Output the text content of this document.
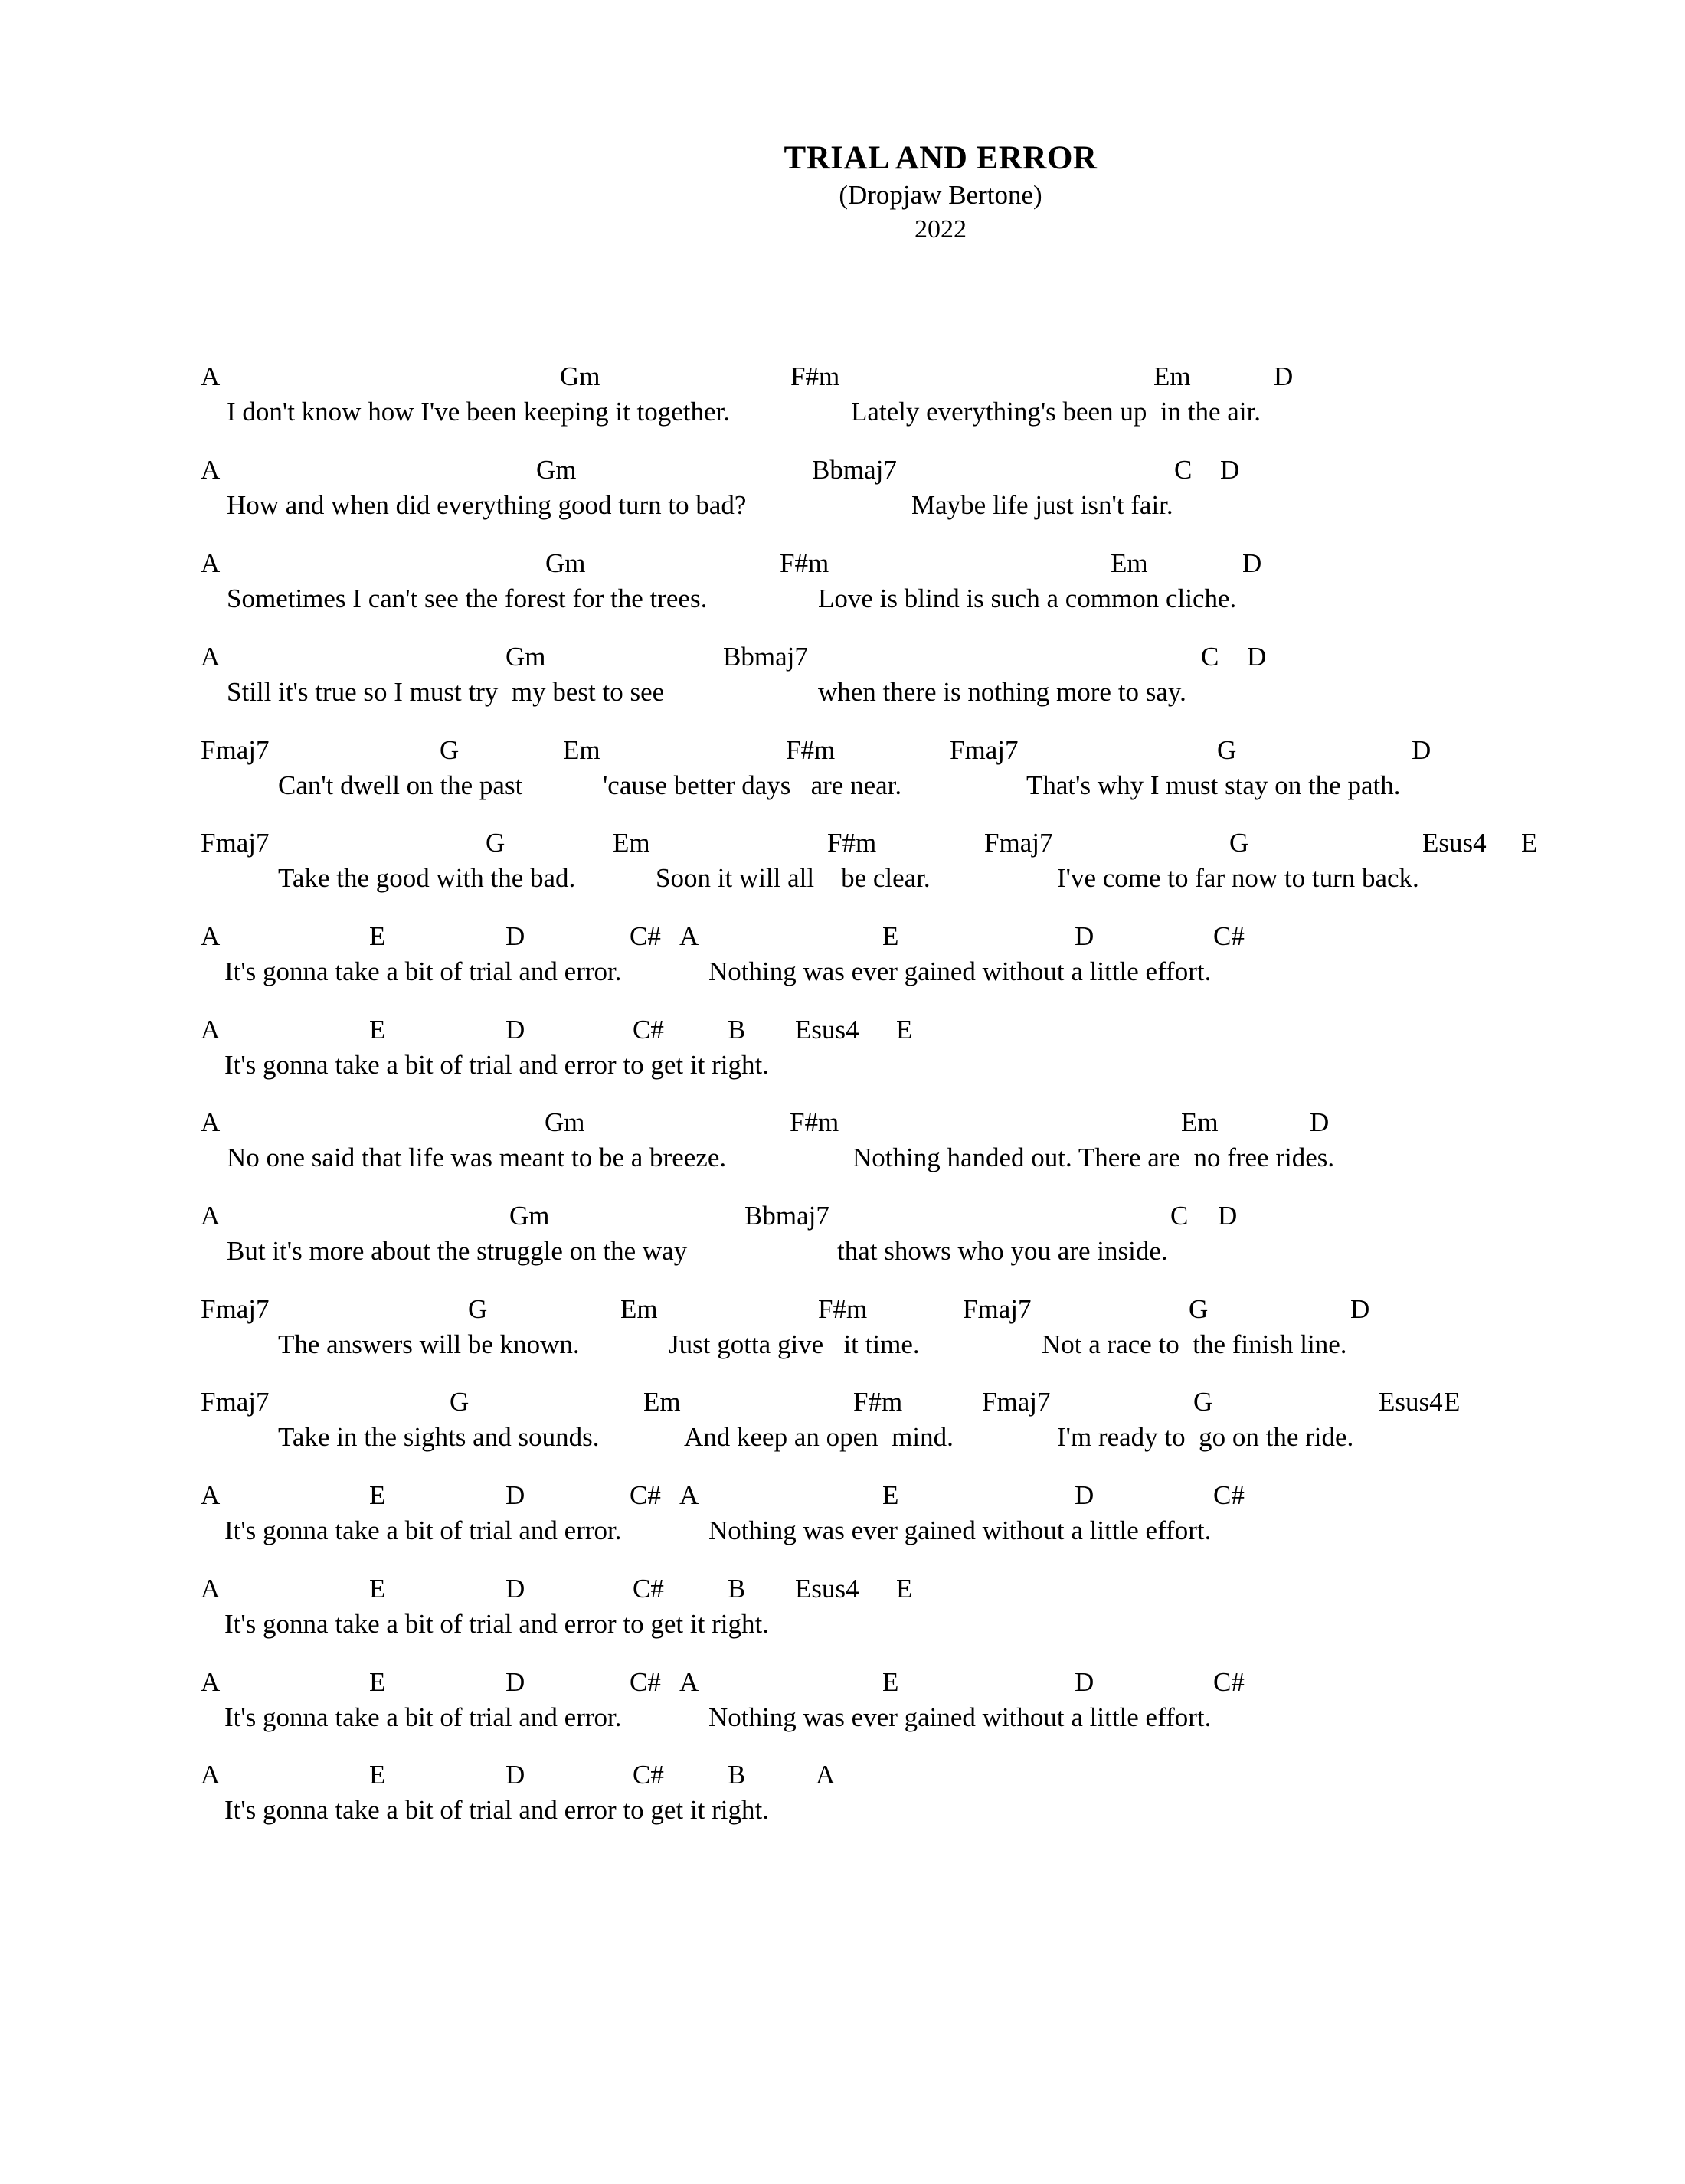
TRIAL AND ERROR
(Dropjaw Bertone)
2022
A	Gm	F#m	Em	D
I don't know how I've been keeping it together.	Lately everything's been up  in the air.
A	Gm	Bbmaj7	C D
How and when did everything good turn to bad?	Maybe life just isn't fair.
A	Gm	F#m	Em	D
Sometimes I can't see the forest for the trees.	Love is blind is such a common cliche.
A	Gm	Bbmaj7	C D
Still it's true so I must try  my best to see	when there is nothing more to say.
Fmaj7	G	Em	F#m	Fmaj7	G	D
Can't dwell on the past	'cause better days   are near.	That's why I must stay on the path.
Fmaj7	G	Em	F#m	Fmaj7	G	Esus4 E
Take the good with the bad.	Soon it will all    be clear.	I've come to far now to turn back.
A	E	D	C# A	E	D	C#
It's gonna take a bit of trial and error.	Nothing was ever gained without a little effort.
A	E	D	C# B Esus4 E
It's gonna take a bit of trial and error to get it right.
A	Gm	F#m	Em	D
No one said that life was meant to be a breeze.	Nothing handed out. There are  no free rides.
A	Gm	Bbmaj7	C D
But it's more about the struggle on the way	that shows who you are inside.
Fmaj7	G	Em	F#m	Fmaj7	G	D
The answers will be known.	Just gotta give   it time.	Not a race to  the finish line.
Fmaj7	G	Em	F#m	Fmaj7	G	Esus4 E
Take in the sights and sounds.	And keep an open  mind.	I'm ready to  go on the ride.
A	E	D	C# A	E	D	C#
It's gonna take a bit of trial and error.	Nothing was ever gained without a little effort.
A	E	D	C# B Esus4 E
It's gonna take a bit of trial and error to get it right.
A	E	D	C# A	E	D	C#
It's gonna take a bit of trial and error.	Nothing was ever gained without a little effort.
A	E	D	C# B	A
It's gonna take a bit of trial and error to get it right.
